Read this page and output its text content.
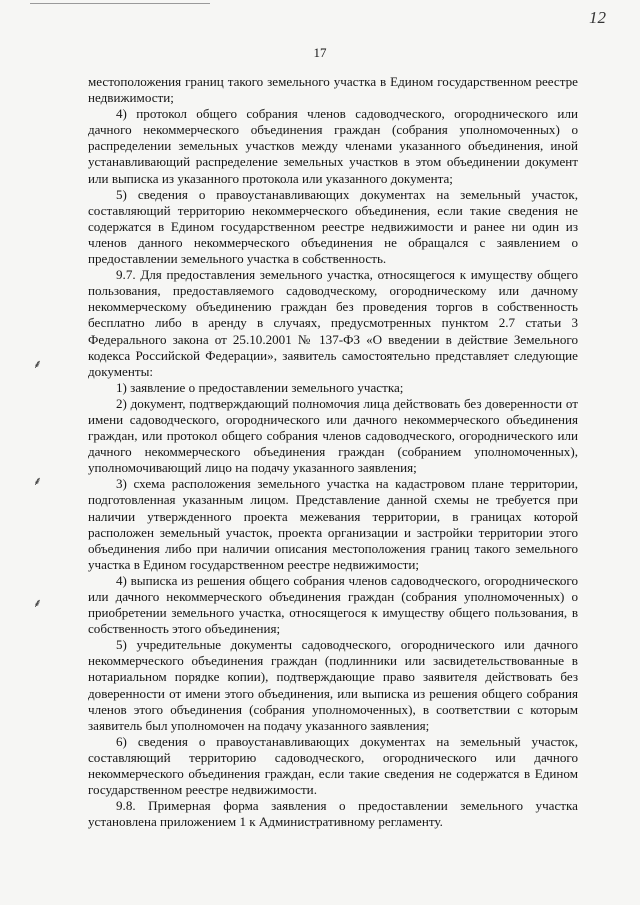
12
17
⸙
⸙
⸙

местоположения границ такого земельного участка в Едином государственном реестре недвижимости;

4) протокол общего собрания членов садоводческого, огороднического или дачного некоммерческого объединения граждан (собрания уполномоченных) о распределении земельных участков между членами указанного объединения, иной устанавливающий распределение земельных участков в этом объединении документ или выписка из указанного протокола или указанного документа;

5) сведения о правоустанавливающих документах на земельный участок, составляющий территорию некоммерческого объединения, если такие сведения не содержатся в Едином государственном реестре недвижимости и ранее ни один из членов данного некоммерческого объединения не обращался с заявлением о предоставлении земельного участка в собственность.

9.7. Для предоставления земельного участка, относящегося к имуществу общего пользования, предоставляемого садоводческому, огородническому или дачному некоммерческому объединению граждан без проведения торгов в собственность бесплатно либо в аренду в случаях, предусмотренных пунктом 2.7 статьи 3 Федерального закона от 25.10.2001 № 137-ФЗ «О введении в действие Земельного кодекса Российской Федерации», заявитель самостоятельно представляет следующие документы:

1) заявление о предоставлении земельного участка;

2) документ, подтверждающий полномочия лица действовать без доверенности от имени садоводческого, огороднического или дачного некоммерческого объединения граждан, или протокол общего собрания членов садоводческого, огороднического или дачного некоммерческого объединения граждан (собранием уполномоченных), уполномочивающий лицо на подачу указанного заявления;

3) схема расположения земельного участка на кадастровом плане территории, подготовленная указанным лицом. Представление данной схемы не требуется при наличии утвержденного проекта межевания территории, в границах которой расположен земельный участок, проекта организации и застройки территории этого объединения либо при наличии описания местоположения границ такого земельного участка в Едином государственном реестре недвижимости;

4) выписка из решения общего собрания членов садоводческого, огороднического или дачного некоммерческого объединения граждан (собрания уполномоченных) о приобретении земельного участка, относящегося к имуществу общего пользования, в собственность этого объединения;

5) учредительные документы садоводческого, огороднического или дачного некоммерческого объединения граждан (подлинники или засвидетельствованные в нотариальном порядке копии), подтверждающие право заявителя действовать без доверенности от имени этого объединения, или выписка из решения общего собрания членов этого объединения (собрания уполномоченных), в соответствии с которым заявитель был уполномочен на подачу указанного заявления;

6) сведения о правоустанавливающих документах на земельный участок, составляющий территорию садоводческого, огороднического или дачного некоммерческого объединения граждан, если такие сведения не содержатся в Едином государственном реестре недвижимости.

9.8. Примерная форма заявления о предоставлении земельного участка установлена приложением 1 к Административному регламенту.
